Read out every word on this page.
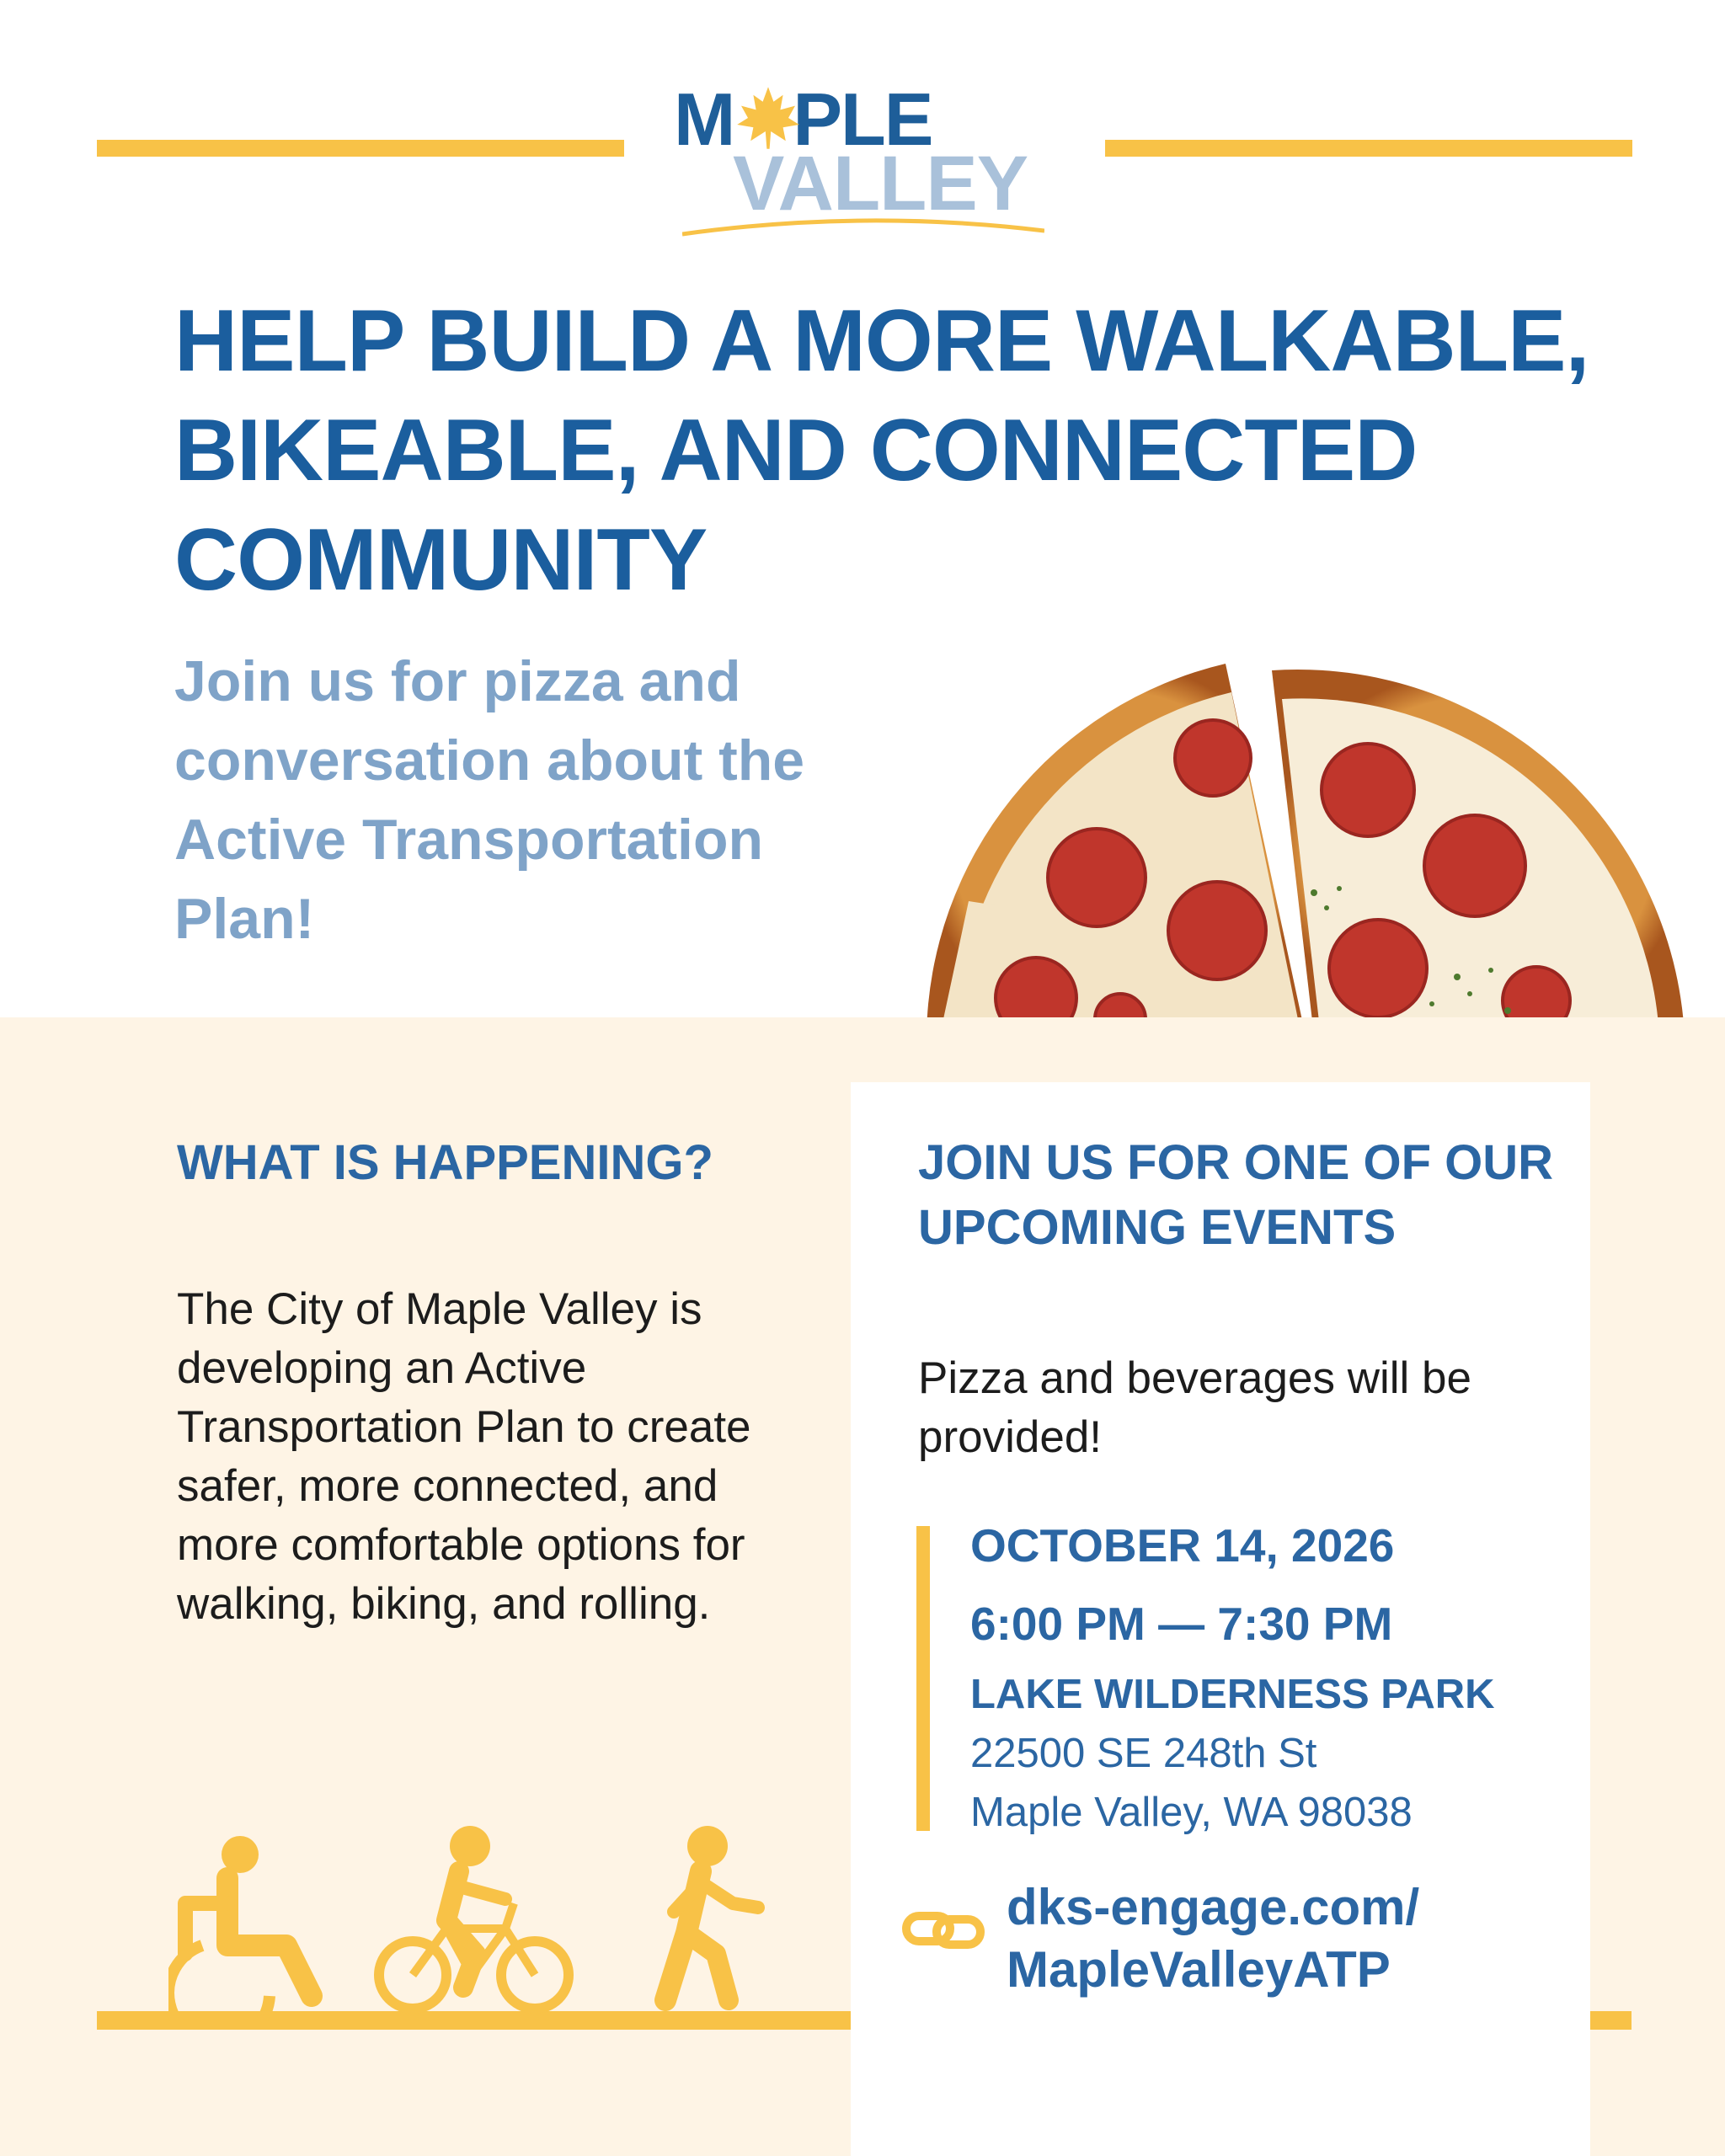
M PLE
VALLEY
HELP BUILD A MORE WALKABLE, BIKEABLE, AND CONNECTED COMMUNITY

Join us for pizza and conversation about the Active Transportation Plan!

WHAT IS HAPPENING?

The City of Maple Valley is developing an Active Transportation Plan to create safer, more connected, and more comfortable options for walking, biking, and rolling.

JOIN US FOR ONE OF OUR UPCOMING EVENTS

Pizza and beverages will be provided!

OCTOBER 14, 2026

6:00 PM — 7:30 PM

LAKE WILDERNESS PARK

22500 SE 248th St

Maple Valley, WA 98038

dks-engage.com/
MapleValleyATP
